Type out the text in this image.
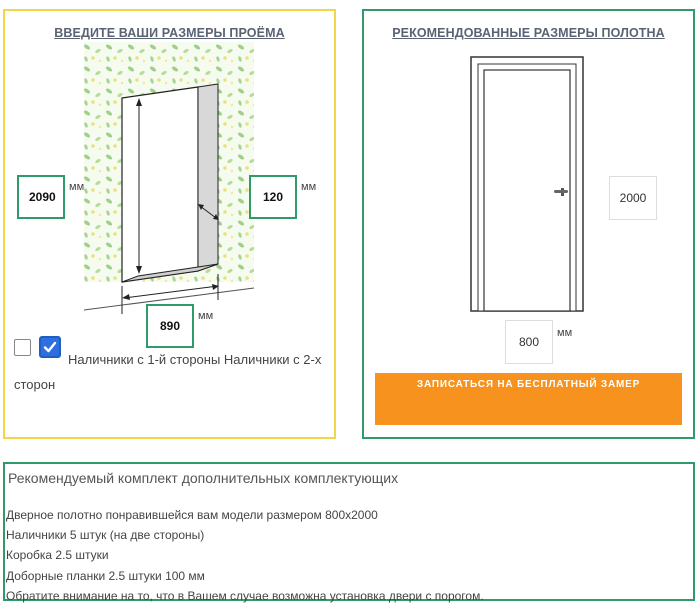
ВВЕДИТЕ ВАШИ РАЗМЕРЫ ПРОЁМА
2090
мм
120
мм
890
мм
Наличники с 1-й стороны Наличники с 2-х сторон
РЕКОМЕНДОВАННЫЕ РАЗМЕРЫ ПОЛОТНА
2000
800
мм
ЗАПИСАТЬСЯ НА БЕСПЛАТНЫЙ ЗАМЕР
Рекомендуемый комплект дополнительных комплектующих
Дверное полотно понравившейся вам модели размером 800х2000
Наличники 5 штук (на две стороны)
Коробка 2.5 штуки
Доборные планки 2.5 штуки 100 мм
Обратите внимание на то, что в Вашем случае возможна установка двери с порогом.
